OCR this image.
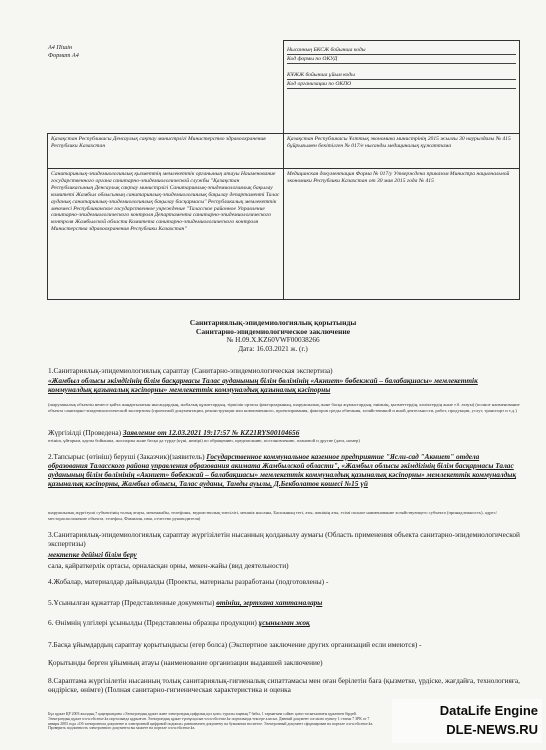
А4 Пішін
Формат А4

	Нысанның БКСЖ бойынша коды
Код формы по ОКУД
КҰЖЖ бойынша ұйым коды
Код организации по ОКПО

Қазақстан Республикасы Денсаулық сақтау министрлігі Министерство здравоохранения Республики Казахстан	Қазақстан Республикасы Ұлттық экономика министрінің 2015 жылғы 30 наурыздағы № 415 бұйрығымен бекітілген № 017/е нысанды медициналық құжаттама
Санитариялық-эпидемиологиялық қызметтің мемлекеттік органының атауы Наименование государственного органа санитарно-эпидемиологической службы "Қазақстан Республикасының Денсаулық сақтау министрлігі Санитариялық-эпидемиологиялық бақылау комитеті Жамбыл облысының санитариялық-эпидемиологиялық бақылау департаменті Талас ауданық санитариялық-эпидемиологиялық бақылау басқармасы" Республикалық мемлекеттік мекемесі Республиканское государственное учреждение "Таласское районное Управление санитарно-эпидемиологического контроля Департамента санитарно-эпидемиологического контроля Жамбылской области Комитета санитарно-эпидемиологического контроля Министерства здравоохранения Республики Казахстан"	Медицинская документация Форма № 017/у Утверждена приказом Министра национальной экономики Республики Казахстан от 30 мая 2015 года № 415
Санитариялық-эпидемиологиялық қорытынды
Санитарно-эпидемиологическое заключение
№ H.09.X.KZ60VWF00038266
Дата: 16.03.2021 ж. (г.)
1.Санитариялық-эпидемиологиялық сараптау (Санитарно-эпидемиологическая экспертиза)
«Жамбыл облысы әкімдігінің білім басқармасы Талас ауданының білім бөлімінің «Акниет» бөбекжай – балабақшасы» мемлекеттік коммуналдық қазыналық кәсіпорны» мемлекеттік коммуналдық қазыналық кәсіпорны
(шаруашылық обьектін немесе қайта жаңартылатын нысандардың, жобалық құжаттардың, тіршілік ортасы факторларының, шаруашылық және басқа жұмыстардың, өнімнің, қызметтердің, көліктердің және т.б. атауы) (полное наименование объекта санитарно-эпидемиологической экспертизы (проектной документации, реконструкции или новоизменного, проектирования, факторов среды обитания, хозяйственной и иной деятельности, работ, продукции, услуг, транспорт и т.д.)
Жүргізілді (Проведена) Заявление от 12.03.2021 19:17:57 № KZ21RYS00104656
өтініш, ұйғарым, қаулы бойынша, жоспарлы және басқа да түрде (күні, нөмірі) по обращению, предписанию, постановлению, плановой и другие (дата, номер)
2.Тапсырыс (өтініш) беруші (Заказчик)(заявитель) Государственное коммунальное казенное предприятие "Ясли-сад "Акниет" отдела образования Таласского района управления образования акимата Жамбылской области", «Жамбыл облысы әкімдігінің білім басқармасы Талас ауданының білім бөлімінің «Акниет» бөбекжай – балабақшасы» мемлекеттік коммуналдық қазыналық кәсіпорны» мемлекеттік коммуналдық қазыналық кәсіпорны, Жамбыл облысы, Талас ауданы, Тамды ауылы, Д.Бекболатов көшесі №15 үй
шаруашылық жүргізуші субъектінің толық атауы, мекенжайы, телефоны, ведомстволық тиесілігі, меншік нысаны, Басшының тегі, аты, жөнінің аты, есімі полное наименование хозяйствующего субъекта (принадлежность), адрес/месторасположение объекта, телефон, Фамилия, имя, отчество руководителя)
3.Санитариялық-эпидемиологиялық сараптау жүргізілетін нысанның қолданылу аумағы (Область применения объекта санитарно-эпидемиологической экспертизы)
мектепке дейінгі білім беру
сала, қайраткерлік ортасы, орналасқан орны, мекен-жайы (вид деятельности)
4.Жобалар, материалдар дайындалды (Проекты, материалы разработаны (подготовлены) -
5.Ұсынылған құжаттар (Представленные документы) өтініш, зертхана хаттамалары
6. Өнімнің үлгілері ұсынылды (Представлены образцы продукции) ұсынылған жоқ
7.Басқа ұйымдардың сараптау қорытындысы (егер болса) (Экспертное заключение других организаций если имеются) -
Қорытынды берген ұйымның атауы (наименование организации выдавшей заключение)
8.Сараптама жүргізілетін нысанның толық санитариялық-гигиеналық сипаттамасы мен оған берілетін баға (қызметке, үрдіске, жағдайға, технологияға, өндіріске, өнімге) (Полная санитарно-гигиеническая характеристика и оценка
Бұл құжат ҚР 2003 жылдың 7 қаңтарындағы «Электрондық құжат және электрондық цифрлық қол қою» туралы заңның 7 бабы, 1 тармағына сәйкес қағаз тасығыштағы құжатпен бірдей. Электрондық құжат www.elicense.kz порталында құрылған. Электрондық құжат түпнұсқасын www.elicense.kz порталында тексере аласыз. Данный документ согласно пункту 1 статьи 7 ЗРК от 7 января 2003 года «Об электронном документе и электронной цифровой подписи» равнозначен документу на бумажном носителе. Электронный документ сформирован на портале www.elicense.kz. Проверить подлинность электронного документа вы можете на портале www.elicense.kz.
DataLife Engine
DLE-NEWS.RU
